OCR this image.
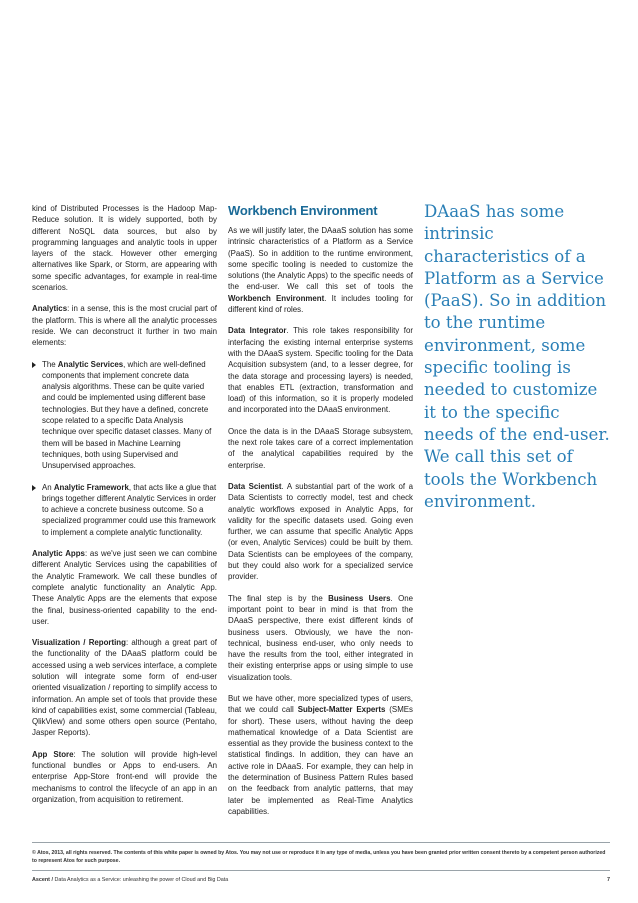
kind of Distributed Processes is the Hadoop Map-Reduce solution. It is widely supported, both by different NoSQL data sources, but also by programming languages and analytic tools in upper layers of the stack. However other emerging alternatives like Spark, or Storm, are appearing with some specific advantages, for example in real-time scenarios.

Analytics: in a sense, this is the most crucial part of the platform. This is where all the analytic processes reside. We can deconstruct it further in two main elements:

The Analytic Services, which are well-defined components that implement concrete data analysis algorithms. These can be quite varied and could be implemented using different base technologies. But they have a defined, concrete scope related to a specific Data Analysis technique over specific dataset classes. Many of them will be based in Machine Learning techniques, both using Supervised and Unsupervised approaches.
An Analytic Framework, that acts like a glue that brings together different Analytic Services in order to achieve a concrete business outcome. So a specialized programmer could use this framework to implement a complete analytic functionality.

Analytic Apps: as we've just seen we can combine different Analytic Services using the capabilities of the Analytic Framework. We call these bundles of complete analytic functionality an Analytic App. These Analytic Apps are the elements that expose the final, business-oriented capability to the end-user.

Visualization / Reporting: although a great part of the functionality of the DAaaS platform could be accessed using a web services interface, a complete solution will integrate some form of end-user oriented visualization / reporting to simplify access to information. An ample set of tools that provide these kind of capabilities exist, some commercial (Tableau, QlikView) and some others open source (Pentaho, Jasper Reports).

App Store: The solution will provide high-level functional bundles or Apps to end-users. An enterprise App-Store front-end will provide the mechanisms to control the lifecycle of an app in an organization, from acquisition to retirement.

Workbench Environment

As we will justify later, the DAaaS solution has some intrinsic characteristics of a Platform as a Service (PaaS). So in addition to the runtime environment, some specific tooling is needed to customize the solutions (the Analytic Apps) to the specific needs of the end-user. We call this set of tools the Workbench Environment. It includes tooling for different kind of roles.

Data Integrator. This role takes responsibility for interfacing the existing internal enterprise systems with the DAaaS system. Specific tooling for the Data Acquisition subsystem (and, to a lesser degree, for the data storage and processing layers) is needed, that enables ETL (extraction, transformation and load) of this information, so it is properly modeled and incorporated into the DAaaS environment.

Once the data is in the DAaaS Storage subsystem, the next role takes care of a correct implementation of the analytical capabilities required by the enterprise.

Data Scientist. A substantial part of the work of a Data Scientists to correctly model, test and check analytic workflows exposed in Analytic Apps, for validity for the specific datasets used. Going even further, we can assume that specific Analytic Apps (or even, Analytic Services) could be built by them. Data Scientists can be employees of the company, but they could also work for a specialized service provider.

The final step is by the Business Users. One important point to bear in mind is that from the DAaaS perspective, there exist different kinds of business users. Obviously, we have the non-technical, business end-user, who only needs to have the results from the tool, either integrated in their existing enterprise apps or using simple to use visualization tools.

But we have other, more specialized types of users, that we could call Subject-Matter Experts (SMEs for short). These users, without having the deep mathematical knowledge of a Data Scientist are essential as they provide the business context to the statistical findings. In addition, they can have an active role in DAaaS. For example, they can help in the determination of Business Pattern Rules based on the feedback from analytic patterns, that may later be implemented as Real-Time Analytics capabilities.

DAaaS has some intrinsic characteristics of a Platform as a Service (PaaS). So in addition to the runtime environment, some specific tooling is needed to customize it to the specific needs of the end-user. We call this set of tools the Workbench environment.

© Atos, 2013, all rights reserved. The contents of this white paper is owned by Atos. You may not use or reproduce it in any type of media, unless you have been granted prior written consent thereto by a competent person authorized to represent Atos for such purpose.

Ascent / Data Analytics as a Service: unleashing the power of Cloud and Big Data	7
